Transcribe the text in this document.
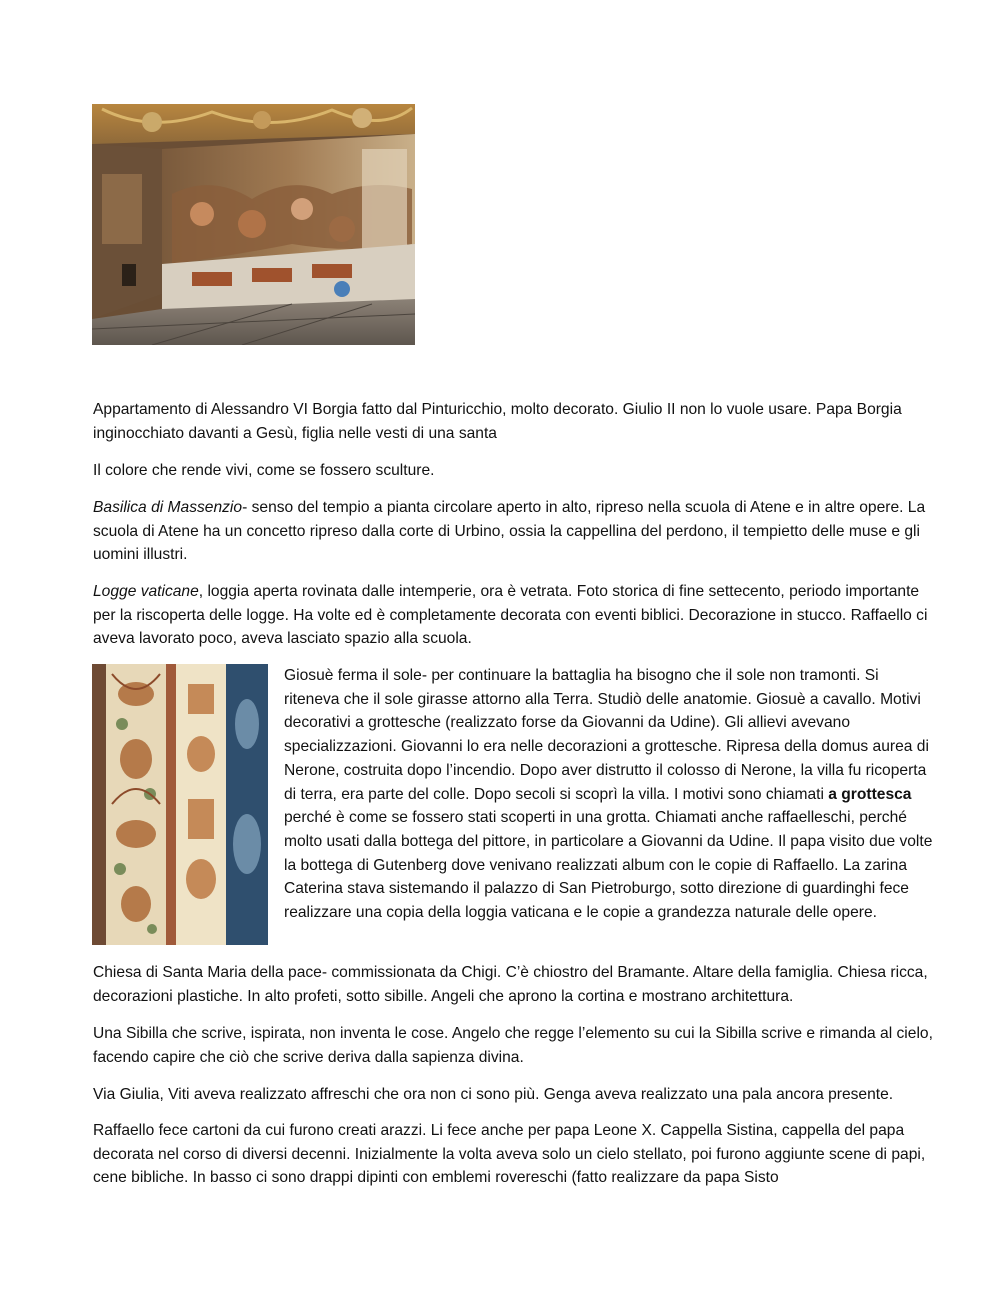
Appartamento di Alessandro VI Borgia fatto dal Pinturicchio, molto decorato. Giulio II non lo vuole usare. Papa Borgia inginocchiato davanti a Gesù, figlia nelle vesti di una santa

Il colore che rende vivi, come se fossero sculture.

Basilica di Massenzio- senso del tempio a pianta circolare aperto in alto, ripreso nella scuola di Atene e in altre opere. La scuola di Atene ha un concetto ripreso dalla corte di Urbino, ossia la cappellina del perdono, il tempietto delle muse e gli uomini illustri.

Logge vaticane, loggia aperta rovinata dalle intemperie, ora è vetrata. Foto storica di fine settecento, periodo importante per la riscoperta delle logge. Ha volte ed è completamente decorata con eventi biblici. Decorazione in stucco. Raffaello ci aveva lavorato poco, aveva lasciato spazio alla scuola.

Giosuè ferma il sole- per continuare la battaglia ha bisogno che il sole non tramonti. Si riteneva che il sole girasse attorno alla Terra. Studiò delle anatomie. Giosuè a cavallo. Motivi decorativi a grottesche (realizzato forse da Giovanni da Udine). Gli allievi avevano specializzazioni. Giovanni lo era nelle decorazioni a grottesche. Ripresa della domus aurea di Nerone, costruita dopo l’incendio. Dopo aver distrutto il colosso di Nerone, la villa fu ricoperta di terra, era parte del colle. Dopo secoli si scoprì la villa. I motivi sono chiamati a grottesca perché è come se fossero stati scoperti in una grotta. Chiamati anche raffaelleschi, perché molto usati dalla bottega del pittore, in particolare a Giovanni da Udine. Il papa visito due volte la bottega di Gutenberg dove venivano realizzati album con le copie di Raffaello. La zarina Caterina stava sistemando il palazzo di San Pietroburgo, sotto direzione di guardinghi fece realizzare una copia della loggia vaticana e le copie a grandezza naturale delle opere.

Chiesa di Santa Maria della pace- commissionata da Chigi. C’è chiostro del Bramante. Altare della famiglia. Chiesa ricca, decorazioni plastiche. In alto profeti, sotto sibille. Angeli che aprono la cortina e mostrano architettura.

Una Sibilla che scrive, ispirata, non inventa le cose. Angelo che regge l’elemento su cui la Sibilla scrive e rimanda al cielo, facendo capire che ciò che scrive deriva dalla sapienza divina.

Via Giulia, Viti aveva realizzato affreschi che ora non ci sono più. Genga aveva realizzato una pala ancora presente.

Raffaello fece cartoni da cui furono creati arazzi. Li fece anche per papa Leone X. Cappella Sistina, cappella del papa decorata nel corso di diversi decenni. Inizialmente la volta aveva solo un cielo stellato, poi furono aggiunte scene di papi, cene bibliche. In basso ci sono drappi dipinti con emblemi rovereschi (fatto realizzare da papa Sisto
